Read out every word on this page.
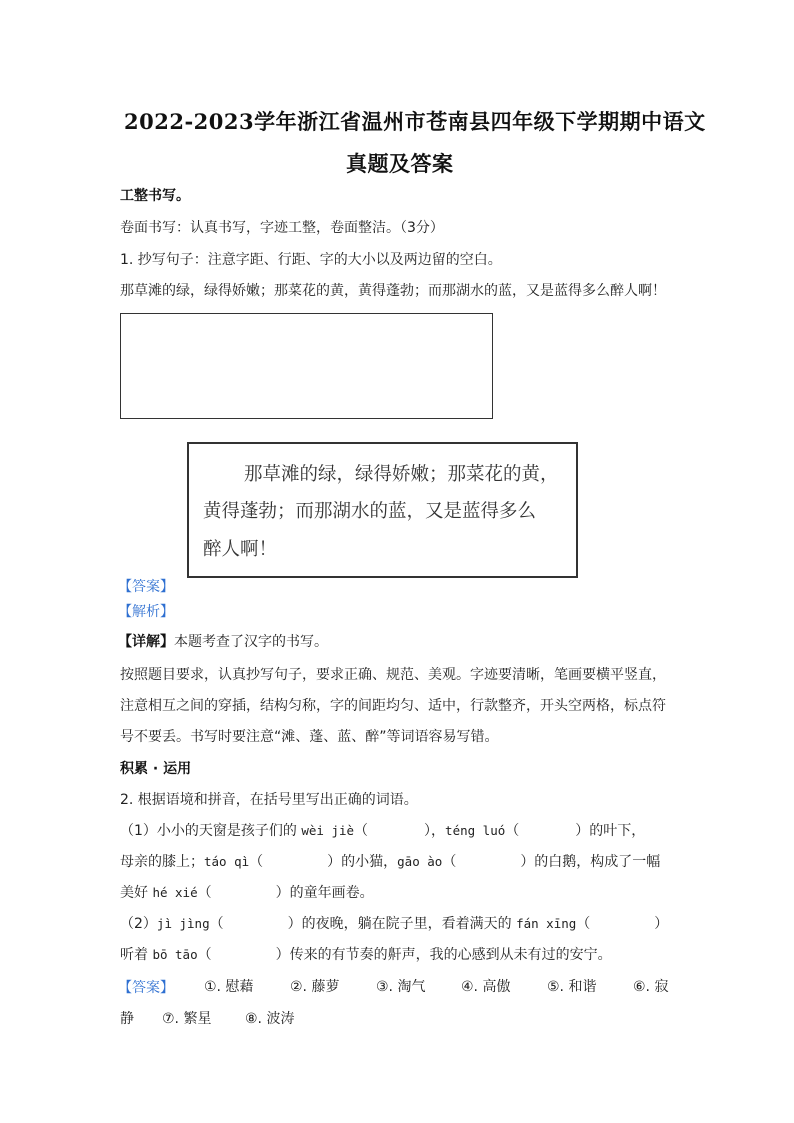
2022-2023学年浙江省温州市苍南县四年级下学期期中语文
真题及答案
工整书写。
卷面书写：认真书写，字迹工整，卷面整洁。（3分）
1. 抄写句子：注意字距、行距、字的大小以及两边留的空白。
那草滩的绿，绿得娇嫩；那菜花的黄，黄得蓬勃；而那湖水的蓝，又是蓝得多么醉人啊！
那草滩的绿，绿得娇嫩；那菜花的黄，
黄得蓬勃；而那湖水的蓝，又是蓝得多么
醉人啊！
【答案】
【解析】
【详解】本题考查了汉字的书写。
按照题目要求，认真抄写句子，要求正确、规范、美观。字迹要清晰，笔画要横平竖直，
注意相互之间的穿插，结构匀称，字的间距均匀、适中，行款整齐，开头空两格，标点符
号不要丢。书写时要注意“滩、蓬、蓝、醉”等词语容易写错。
积累 · 运用
2. 根据语境和拼音，在括号里写出正确的词语。
（1）小小的天窗是孩子们的 wèi jiè（	），téng luó（	）的叶下，
母亲的膝上；táo qì（	）的小猫，gāo ào（	）的白鹅，构成了一幅
美好 hé xié（	）的童年画卷。
（2）jì jìng（	）的夜晚，躺在院子里，看着满天的 fán xīng（	）
听着 bō tāo（	）传来的有节奏的鼾声，我的心感到从未有过的安宁。
【答案】 ①. 慰藉	②. 藤萝	③. 淘气	④. 高傲	⑤. 和谐	⑥. 寂
静 ⑦. 繁星 ⑧. 波涛
